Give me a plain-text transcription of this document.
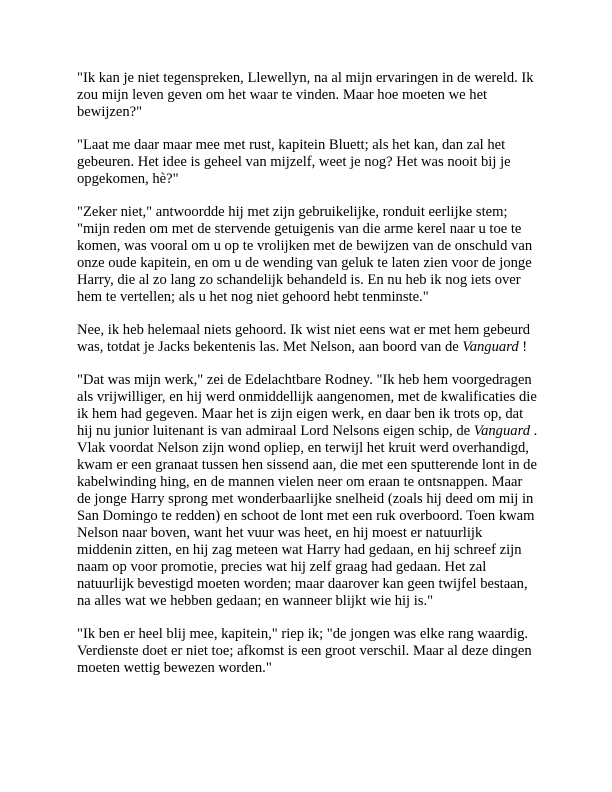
"Ik kan je niet tegenspreken, Llewellyn, na al mijn ervaringen in de wereld. Ik zou mijn leven geven om het waar te vinden. Maar hoe moeten we het bewijzen?"

"Laat me daar maar mee met rust, kapitein Bluett; als het kan, dan zal het gebeuren. Het idee is geheel van mijzelf, weet je nog? Het was nooit bij je opgekomen, hè?"

"Zeker niet," antwoordde hij met zijn gebruikelijke, ronduit eerlijke stem; "mijn reden om met de stervende getuigenis van die arme kerel naar u toe te komen, was vooral om u op te vrolijken met de bewijzen van de onschuld van onze oude kapitein, en om u de wending van geluk te laten zien voor de jonge Harry, die al zo lang zo schandelijk behandeld is. En nu heb ik nog iets over hem te vertellen; als u het nog niet gehoord hebt tenminste."

Nee, ik heb helemaal niets gehoord. Ik wist niet eens wat er met hem gebeurd was, totdat je Jacks bekentenis las. Met Nelson, aan boord van de Vanguard !

"Dat was mijn werk," zei de Edelachtbare Rodney. "Ik heb hem voorgedragen als vrijwilliger, en hij werd onmiddellijk aangenomen, met de kwalificaties die ik hem had gegeven. Maar het is zijn eigen werk, en daar ben ik trots op, dat hij nu junior luitenant is van admiraal Lord Nelsons eigen schip, de Vanguard . Vlak voordat Nelson zijn wond opliep, en terwijl het kruit werd overhandigd, kwam er een granaat tussen hen sissend aan, die met een sputterende lont in de kabelwinding hing, en de mannen vielen neer om eraan te ontsnappen. Maar de jonge Harry sprong met wonderbaarlijke snelheid (zoals hij deed om mij in San Domingo te redden) en schoot de lont met een ruk overboord. Toen kwam Nelson naar boven, want het vuur was heet, en hij moest er natuurlijk middenin zitten, en hij zag meteen wat Harry had gedaan, en hij schreef zijn naam op voor promotie, precies wat hij zelf graag had gedaan. Het zal natuurlijk bevestigd moeten worden; maar daarover kan geen twijfel bestaan, na alles wat we hebben gedaan; en wanneer blijkt wie hij is."

"Ik ben er heel blij mee, kapitein," riep ik; "de jongen was elke rang waardig. Verdienste doet er niet toe; afkomst is een groot verschil. Maar al deze dingen moeten wettig bewezen worden."
